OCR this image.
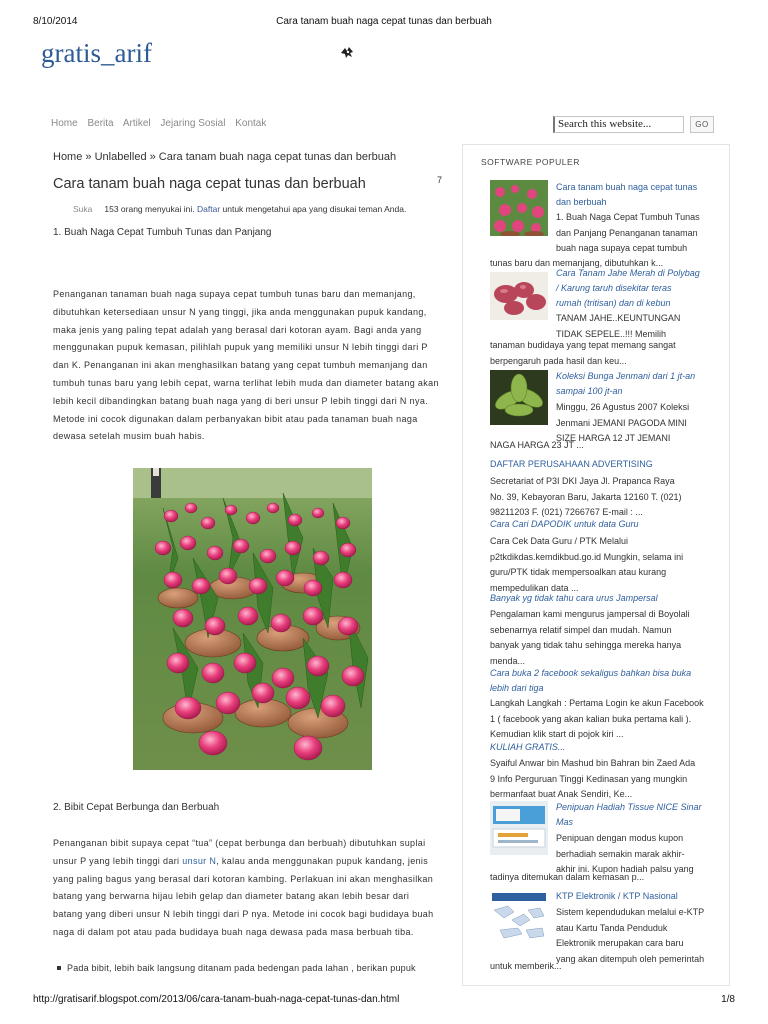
8/10/2014	Cara tanam buah naga cepat tunas dan berbuah
gratis_arif
Home Berita Artikel Jejaring Sosial Kontak	Search this website...	GO
Home » Unlabelled » Cara tanam buah naga cepat tunas dan berbuah
Cara tanam buah naga cepat tunas dan berbuah	7
Suka 153 orang menyukai ini. Daftar untuk mengetahui apa yang disukai teman Anda.
1. Buah Naga Cepat Tumbuh Tunas dan Panjang
Penanganan tanaman buah naga supaya cepat tumbuh tunas baru dan memanjang,
dibutuhkan ketersediaan unsur N yang tinggi, jika anda menggunakan pupuk kandang,
maka jenis yang paling tepat adalah yang berasal dari kotoran ayam. Bagi anda yang
menggunakan pupuk kemasan, pilihlah pupuk yang memiliki unsur N lebih tinggi dari P
dan K. Penanganan ini akan menghasilkan batang yang cepat tumbuh memanjang dan
tumbuh tunas baru yang lebih cepat, warna terlihat lebih muda dan diameter batang akan
lebih kecil dibandingkan batang buah naga yang di beri unsur P lebih tinggi dari N nya.
Metode ini cocok digunakan dalam perbanyakan bibit atau pada tanaman buah naga
dewasa setelah musim buah habis.
2. Bibit Cepat Berbunga dan Berbuah
Penanganan bibit supaya cepat “tua” (cepat berbunga dan berbuah) dibutuhkan suplai
unsur P yang lebih tinggi dari unsur N, kalau anda menggunakan pupuk kandang, jenis
yang paling bagus yang berasal dari kotoran kambing. Perlakuan ini akan menghasilkan
batang yang berwarna hijau lebih gelap dan diameter batang akan lebih besar dari
batang yang diberi unsur N lebih tinggi dari P nya. Metode ini cocok bagi budidaya buah
naga di dalam pot atau pada budidaya buah naga dewasa pada masa berbuah tiba.
Pada bibit, lebih baik langsung ditanam pada bedengan pada lahan , berikan pupuk
SOFTWARE POPULER
Cara tanam buah naga cepat tunas
dan berbuah
1. Buah Naga Cepat Tumbuh Tunas
dan Panjang Penanganan tanaman
buah naga supaya cepat tumbuh
tunas baru dan memanjang, dibutuhkan k...
Cara Tanam Jahe Merah di Polybag
/ Karung taruh disekitar teras
rumah (tritisan) dan di kebun
TANAM JAHE..KEUNTUNGAN
TIDAK SEPELE..!!! Memilih
tanaman budidaya yang tepat memang sangat
berpengaruh pada hasil dan keu...
Koleksi Bunga Jenmani dari 1 jt-an
sampai 100 jt-an
Minggu, 26 Agustus 2007 Koleksi
Jenmani JEMANI PAGODA MINI
SIZE HARGA 12 JT JEMANI
NAGA HARGA 23 JT ...
DAFTAR PERUSAHAAN ADVERTISING
Secretariat of P3I DKI Jaya Jl. Prapanca Raya
No. 39, Kebayoran Baru, Jakarta 12160 T. (021)
98211203 F. (021) 7266767 E-mail : ...
Cara Cari DAPODIK untuk data Guru
Cara Cek Data Guru / PTK Melalui
p2tkdikdas.kemdikbud.go.id Mungkin, selama ini
guru/PTK tidak mempersoalkan atau kurang
mempedulikan data ...
Banyak yg tidak tahu cara urus Jampersal
Pengalaman kami mengurus jampersal di Boyolali
sebenarnya relatif simpel dan mudah. Namun
banyak yang tidak tahu sehingga mereka hanya
menda...
Cara buka 2 facebook sekaligus bahkan bisa buka
lebih dari tiga
Langkah Langkah : Pertama Login ke akun Facebook
1 ( facebook yang akan kalian buka pertama kali ).
Kemudian klik start di pojok kiri ...
KULIAH GRATIS...
Syaiful Anwar bin Mashud bin Bahran bin Zaed Ada
9 Info Perguruan Tinggi Kedinasan yang mungkin
bermanfaat buat Anak Sendiri, Ke...
Penipuan Hadiah Tissue NICE Sinar
Mas
Penipuan dengan modus kupon
berhadiah semakin marak akhir-
akhir ini. Kupon hadiah palsu yang
tadinya ditemukan dalam kemasan p...
KTP Elektronik / KTP Nasional
Sistem kependudukan melalui e-KTP
atau Kartu Tanda Penduduk
Elektronik merupakan cara baru
yang akan ditempuh oleh pemerintah
untuk memberik...
http://gratisarif.blogspot.com/2013/06/cara-tanam-buah-naga-cepat-tunas-dan.html	1/8
